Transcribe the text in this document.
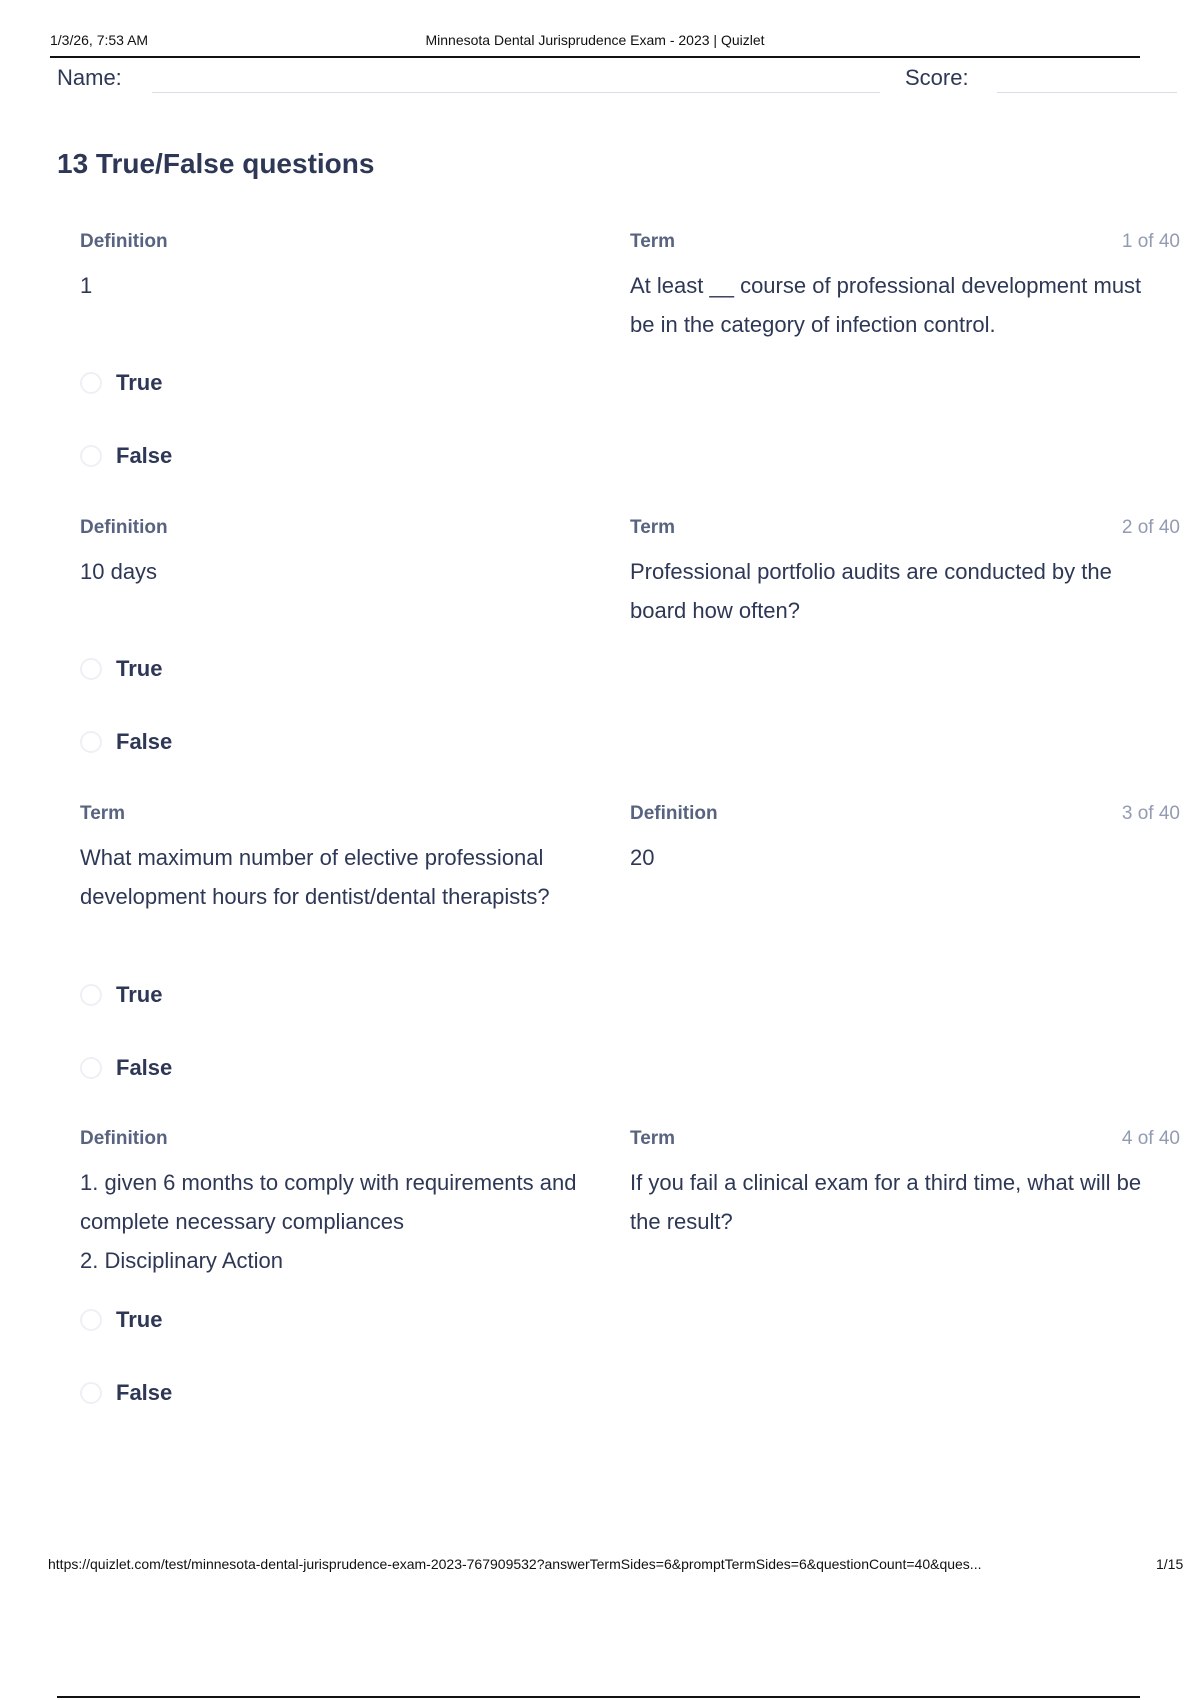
1/3/26, 7:53 AM	Minnesota Dental Jurisprudence Exam - 2023 | Quizlet
Name:	Score:
13 True/False questions
Definition
1
Term
At least __ course of professional development must be in the category of infection control.
1 of 40
True
False
Definition
10 days
Term
Professional portfolio audits are conducted by the board how often?
2 of 40
True
False
Term
What maximum number of elective professional development hours for dentist/dental therapists?
Definition
20
3 of 40
True
False
Definition
1. given 6 months to comply with requirements and complete necessary compliances
2. Disciplinary Action
Term
If you fail a clinical exam for a third time, what will be the result?
4 of 40
True
False
https://quizlet.com/test/minnesota-dental-jurisprudence-exam-2023-767909532?answerTermSides=6&promptTermSides=6&questionCount=40&ques...	1/15
